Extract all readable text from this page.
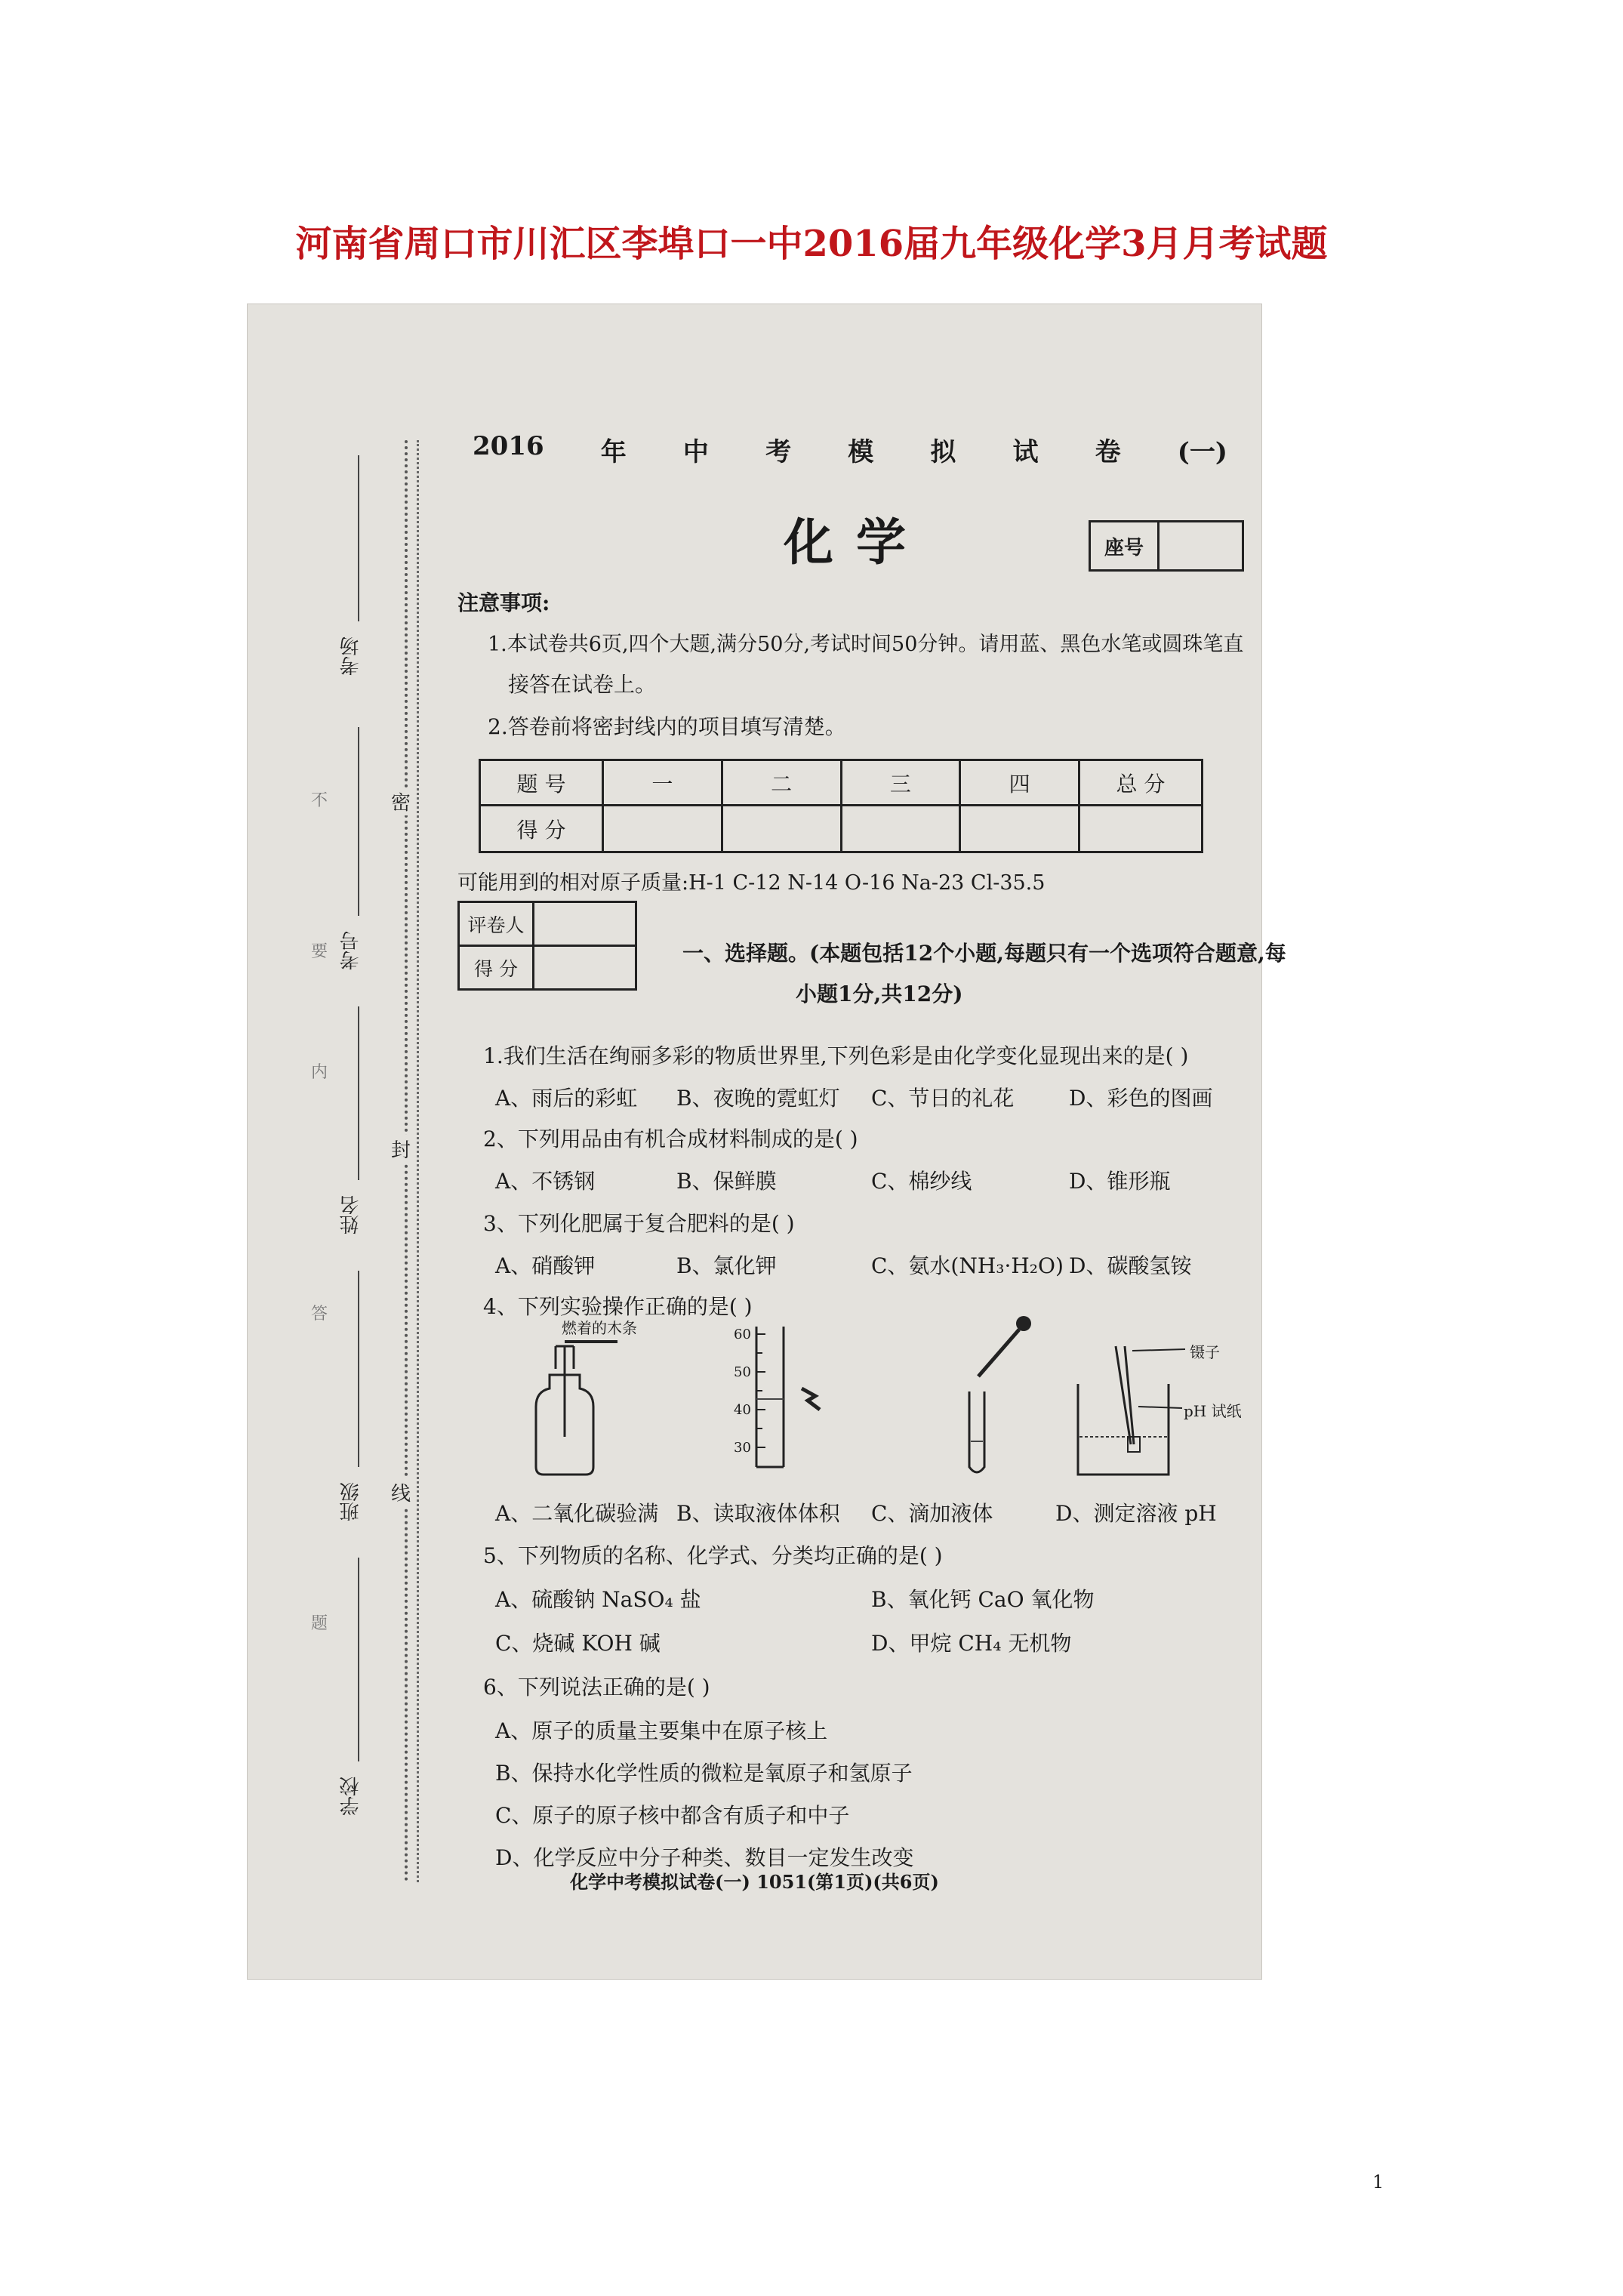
河南省周口市川汇区李埠口一中2016届九年级化学3月月考试题
考场
考号
姓名
班级
学校
密
封
线
不
要
内
答
题
2016 年 中 考 模 拟 试 卷 (一)
化学	座号
注意事项:
1.本试卷共6页,四个大题,满分50分,考试时间50分钟。请用蓝、黑色水笔或圆珠笔直
接答在试卷上。
2.答卷前将密封线内的项目填写清楚。
题 号	一	二	三	四	总 分
得 分					
可能用到的相对原子质量:H-1 C-12 N-14 O-16 Na-23 Cl-35.5
评卷人	
得 分	
一、选择题。(本题包括12个小题,每题只有一个选项符合题意,每
小题1分,共12分)
1.我们生活在绚丽多彩的物质世界里,下列色彩是由化学变化显现出来的是( )
A、雨后的彩虹 B、夜晚的霓虹灯 C、节日的礼花	D、彩色的图画
2、下列用品由有机合成材料制成的是( )
A、不锈钢	B、保鲜膜	C、棉纱线	D、锥形瓶
3、下列化肥属于复合肥料的是( )
A、硝酸钾	B、氯化钾	C、氨水(NH₃·H₂O) D、碳酸氢铵
4、下列实验操作正确的是( )
燃着的木条	60
50
40
30
镊子
pH 试纸
A、二氧化碳验满 B、读取液体体积 C、滴加液体	D、测定溶液 pH
5、下列物质的名称、化学式、分类均正确的是( )
A、硫酸钠 NaSO₄ 盐	B、氧化钙 CaO 氧化物
C、烧碱 KOH 碱	D、甲烷 CH₄ 无机物
6、下列说法正确的是( )
A、原子的质量主要集中在原子核上
B、保持水化学性质的微粒是氧原子和氢原子
C、原子的原子核中都含有质子和中子
D、化学反应中分子种类、数目一定发生改变
化学中考模拟试卷(一) 1051(第1页)(共6页)
1
